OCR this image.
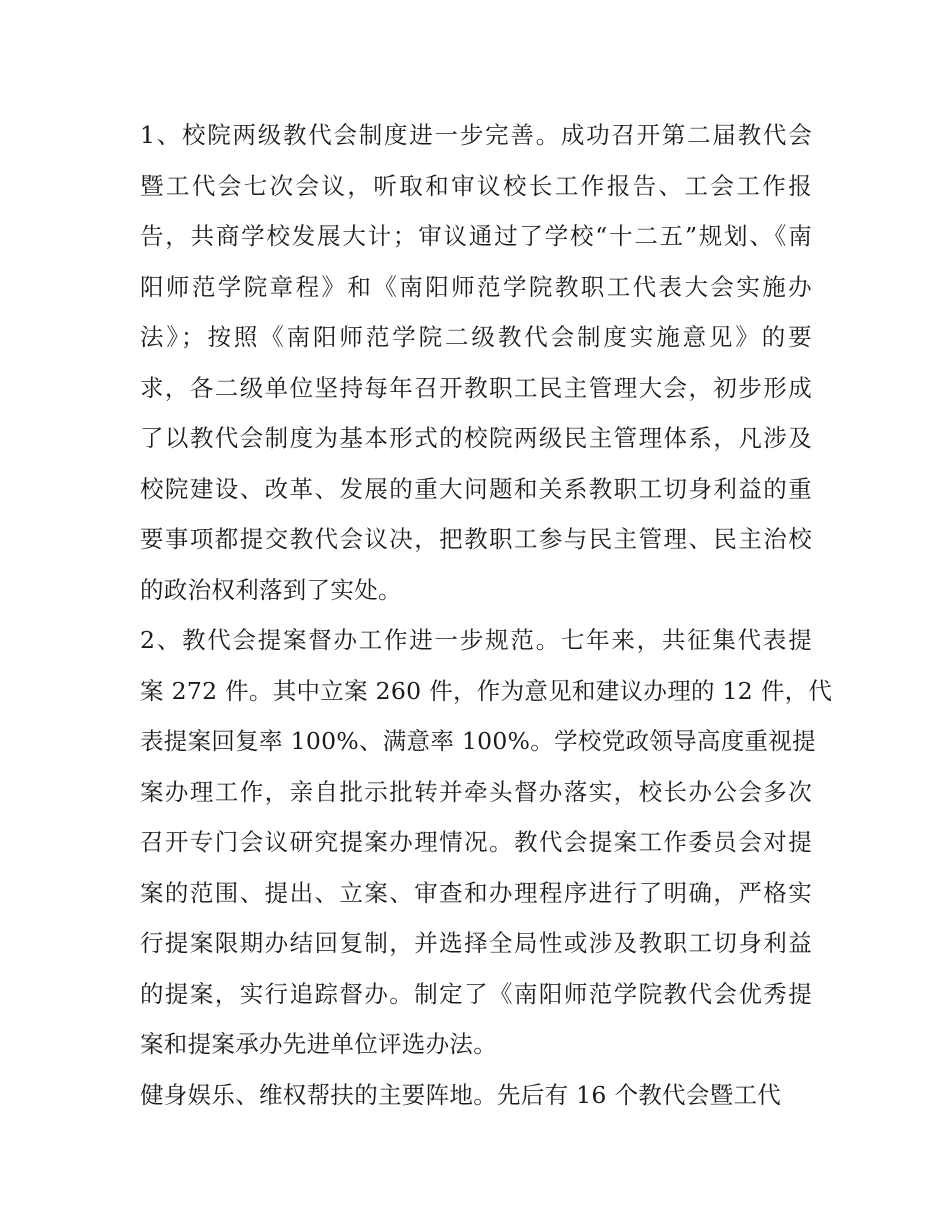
1、校院两级教代会制度进一步完善。成功召开第二届教代会
暨工代会七次会议，听取和审议校长工作报告、工会工作报
告，共商学校发展大计；审议通过了学校“十二五”规划、《南
阳师范学院章程》和《南阳师范学院教职工代表大会实施办
法》；按照《南阳师范学院二级教代会制度实施意见》的要
求，各二级单位坚持每年召开教职工民主管理大会，初步形成
了以教代会制度为基本形式的校院两级民主管理体系，凡涉及
校院建设、改革、发展的重大问题和关系教职工切身利益的重
要事项都提交教代会议决，把教职工参与民主管理、民主治校
的政治权利落到了实处。
2、教代会提案督办工作进一步规范。七年来，共征集代表提
案 272 件。其中立案 260 件，作为意见和建议办理的 12 件，代
表提案回复率 100%、满意率 100%。学校党政领导高度重视提
案办理工作，亲自批示批转并牵头督办落实，校长办公会多次
召开专门会议研究提案办理情况。教代会提案工作委员会对提
案的范围、提出、立案、审查和办理程序进行了明确，严格实
行提案限期办结回复制，并选择全局性或涉及教职工切身利益
的提案，实行追踪督办。制定了《南阳师范学院教代会优秀提
案和提案承办先进单位评选办法。
健身娱乐、维权帮扶的主要阵地。先后有 16 个教代会暨工代
